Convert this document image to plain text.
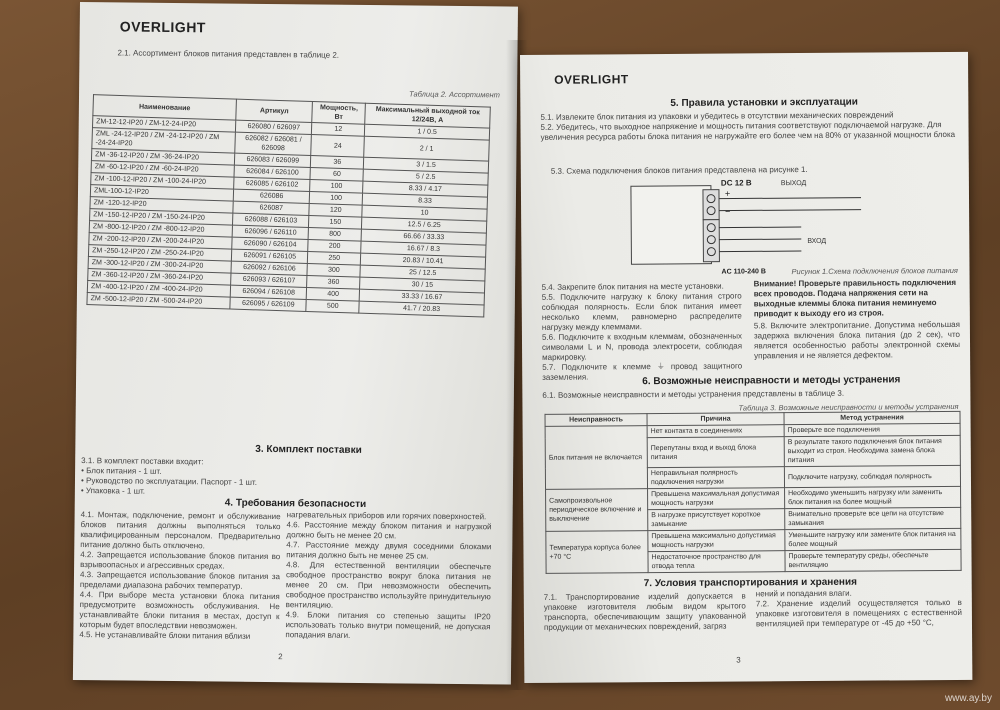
OVERLIGHT
2.1. Ассортимент блоков питания представлен в таблице 2.
Таблица 2. Ассортимент
Наименование	Артикул	Мощность, Вт	Максимальный выходной ток 12/24В, А
ZM-12-12-IP20 / ZM-12-24-IP20	626080 / 626097	12	1 / 0.5
ZML -24-12-IP20 / ZM -24-12-IP20 / ZM -24-24-IP20	626082 / 626081 / 626098	24	2 / 1
ZM -36-12-IP20 / ZM -36-24-IP20	626083 / 626099	36	3 / 1.5
ZM -60-12-IP20 / ZM -60-24-IP20	626084 / 626100	60	5 / 2.5
ZM -100-12-IP20 / ZM -100-24-IP20	626085 / 626102	100	8.33 / 4.17
ZML-100-12-IP20	626086	100	8.33
ZM -120-12-IP20	626087	120	10
ZM -150-12-IP20 / ZM -150-24-IP20	626088 / 626103	150	12.5 / 6.25
ZM -800-12-IP20 / ZM -800-12-IP20	626096 / 626110	800	66.66 / 33.33
ZM -200-12-IP20 / ZM -200-24-IP20	626090 / 626104	200	16.67 / 8.3
ZM -250-12-IP20 / ZM -250-24-IP20	626091 / 626105	250	20.83 / 10.41
ZM -300-12-IP20 / ZM -300-24-IP20	626092 / 626106	300	25 / 12.5
ZM -360-12-IP20 / ZM -360-24-IP20	626093 / 626107	360	30 / 15
ZM -400-12-IP20 / ZM -400-24-IP20	626094 / 626108	400	33.33 / 16.67
ZM -500-12-IP20 / ZM -500-24-IP20	626095 / 626109	500	41.7 / 20.83
3. Комплект поставки
3.1. В комплект поставки входит:
• Блок питания - 1 шт.
• Руководство по эксплуатации. Паспорт - 1 шт.
• Упаковка - 1 шт.
4. Требования безопасности
4.1. Монтаж, подключение, ремонт и обслуживание блоков питания должны выполняться только квалифицированным персоналом. Предварительно питание должно быть отключено.
4.2. Запрещается использование блоков питания во взрывоопасных и агрессивных средах.
4.3. Запрещается использование блоков питания за пределами диапазона рабочих температур.
4.4. При выборе места установки блока питания предусмотрите возможность обслуживания. Не устанавливайте блоки питания в местах, доступ к которым будет впоследствии невозможен.
4.5. Не устанавливайте блоки питания вблизи
нагревательных приборов или горячих поверхностей.
4.6. Расстояние между блоком питания и нагрузкой должно быть не менее 20 см.
4.7. Расстояние между двумя соседними блоками питания должно быть не менее 25 см.
4.8. Для естественной вентиляции обеспечьте свободное пространство вокруг блока питания не менее 20 см. При невозможности обеспечить свободное пространство используйте принудительную вентиляцию.
4.9. Блоки питания со степенью защиты IP20 использовать только внутри помещений, не допуская попадания влаги.
2
OVERLIGHT
5. Правила установки и эксплуатации
5.1. Извлеките блок питания из упаковки и убедитесь в отсутствии механических повреждений
5.2. Убедитесь, что выходное напряжение и мощность питания соответствуют подключаемой нагрузке. Для увеличения ресурса работы блока питания не нагружайте его более чем на 80% от указанной мощности блока
5.3. Схема подключения блоков питания представлена на рисунке 1.
+
−
DC 12 В	ВЫХОД
ВХОД
AC 110-240 В	Рисунок 1.Схема подключения блоков питания
5.4. Закрепите блок питания на месте установки.
5.5. Подключите нагрузку к блоку питания строго соблюдая полярность. Если блок питания имеет несколько клемм, равномерно распределите нагрузку между клеммами.
5.6. Подключите к входным клеммам, обозначенных символами L и N, провода электросети, соблюдая маркировку.
5.7. Подключите к клемме ⏚ провод защитного заземления.
Внимание! Проверьте правильность подключения всех проводов. Подача напряжения сети на выходные клеммы блока питания неминуемо приводит к выходу его из строя.
5.8. Включите электропитание. Допустима небольшая задержка включения блока питания (до 2 сек), что является особенностью работы электронной схемы управления и не является дефектом.
6. Возможные неисправности и методы устранения
6.1. Возможные неисправности и методы устранения представлены в таблице 3.
Таблица 3. Возможные неисправности и методы устранения
Неисправность	Причина	Метод устранения
Блок питания не включается	Нет контакта в соединениях	Проверьте все подключения
	Перепутаны вход и выход блока питания	В результате такого подключения блок питания выходит из строя. Необходима замена блока питания
	Неправильная полярность подключения нагрузки	Подключите нагрузку, соблюдая полярность
Самопроизвольное периодическое включение и выключение	Превышена максимальная допустимая мощность нагрузки	Необходимо уменьшить нагрузку или заменить блок питания на более мощный
	В нагрузке присутствует короткое замыкание	Внимательно проверьте все цепи на отсутствие замыкания
Температура корпуса более +70 °C	Превышена максимально допустимая мощность нагрузки	Уменьшите нагрузку или замените блок питания на более мощный
	Недостаточное пространство для отвода тепла	Проверьте температуру среды, обеспечьте вентиляцию
7. Условия транспортирования и хранения
7.1. Транспортирование изделий допускается в упаковке изготовителя любым видом крытого транспорта, обеспечивающим защиту упакованной продукции от механических повреждений, загряз
нений и попадания влаги.
7.2. Хранение изделий осуществляется только в упаковке изготовителя в помещениях с естественной вентиляцией при температуре от -45 до +50 °С,
3
www.ay.by
